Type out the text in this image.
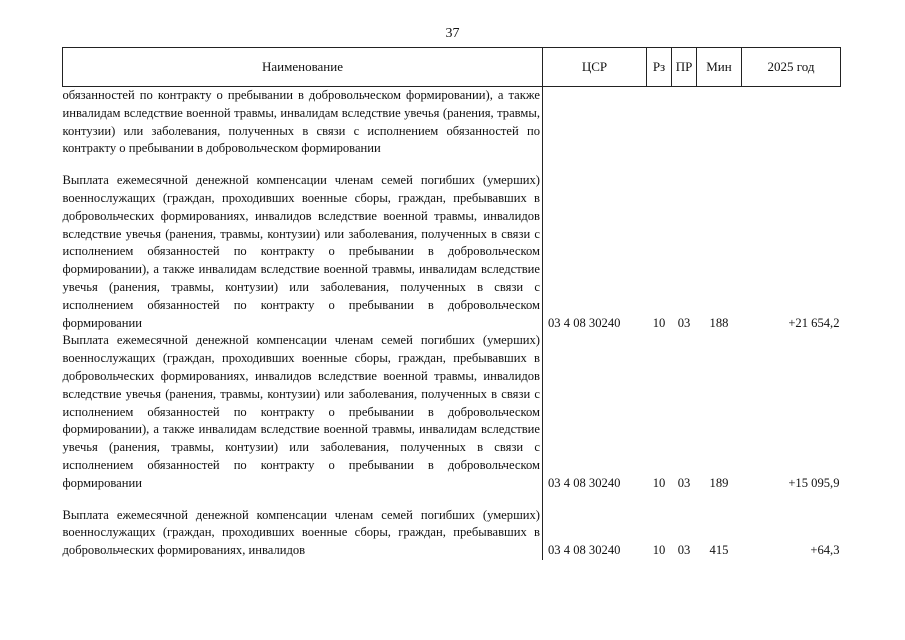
37
Наименование	ЦСР	Рз	ПР	Мин	2025 год
обязанностей по контракту о пребывании в добровольческом формировании), а также инвалидам вследствие военной травмы, инвалидам вследствие увечья (ранения, травмы, контузии) или заболевания, полученных в связи с исполнением обязанностей по контракту о пребывании в добровольческом формировании					
Выплата ежемесячной денежной компенсации членам семей погибших (умерших) военнослужащих (граждан, проходивших военные сборы, граждан, пребывавших в добровольческих формированиях, инвалидов вследствие военной травмы, инвалидов вследствие увечья (ранения, травмы, контузии) или заболевания, полученных в связи с исполнением обязанностей по контракту о пребывании в добровольческом формировании), а также инвалидам вследствие военной травмы, инвалидам вследствие увечья (ранения, травмы, контузии) или заболевания, полученных в связи с исполнением обязанностей по контракту о пребывании в добровольческом формировании	03 4 08 30240	10	03	188	+21 654,2
Выплата ежемесячной денежной компенсации членам семей погибших (умерших) военнослужащих (граждан, проходивших военные сборы, граждан, пребывавших в добровольческих формированиях, инвалидов вследствие военной травмы, инвалидов вследствие увечья (ранения, травмы, контузии) или заболевания, полученных в связи с исполнением обязанностей по контракту о пребывании в добровольческом формировании), а также инвалидам вследствие военной травмы, инвалидам вследствие увечья (ранения, травмы, контузии) или заболевания, полученных в связи с исполнением обязанностей по контракту о пребывании в добровольческом формировании	03 4 08 30240	10	03	189	+15 095,9
Выплата ежемесячной денежной компенсации членам семей погибших (умерших) военнослужащих (граждан, проходивших военные сборы, граждан, пребывавших в добровольческих формированиях, инвалидов	03 4 08 30240	10	03	415	+64,3
